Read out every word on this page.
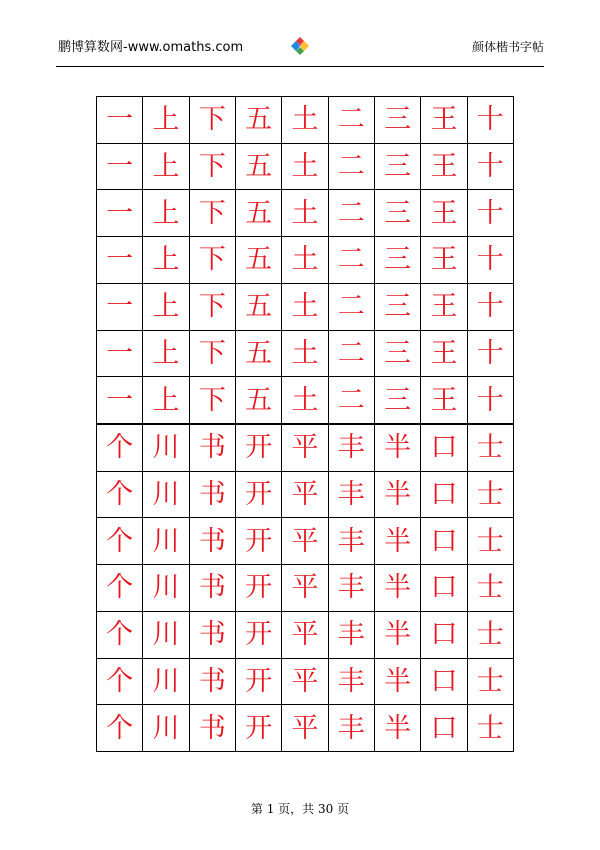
鹏博算数网-www.omaths.com	颜体楷书字帖
一	上	下	五	土	二	三	王	十
一	上	下	五	土	二	三	王	十
一	上	下	五	土	二	三	王	十
一	上	下	五	土	二	三	王	十
一	上	下	五	土	二	三	王	十
一	上	下	五	土	二	三	王	十
一	上	下	五	土	二	三	王	十
个	川	书	开	平	丰	半	口	士
个	川	书	开	平	丰	半	口	士
个	川	书	开	平	丰	半	口	士
个	川	书	开	平	丰	半	口	士
个	川	书	开	平	丰	半	口	士
个	川	书	开	平	丰	半	口	士
个	川	书	开	平	丰	半	口	士
第 1 页，共 30 页
